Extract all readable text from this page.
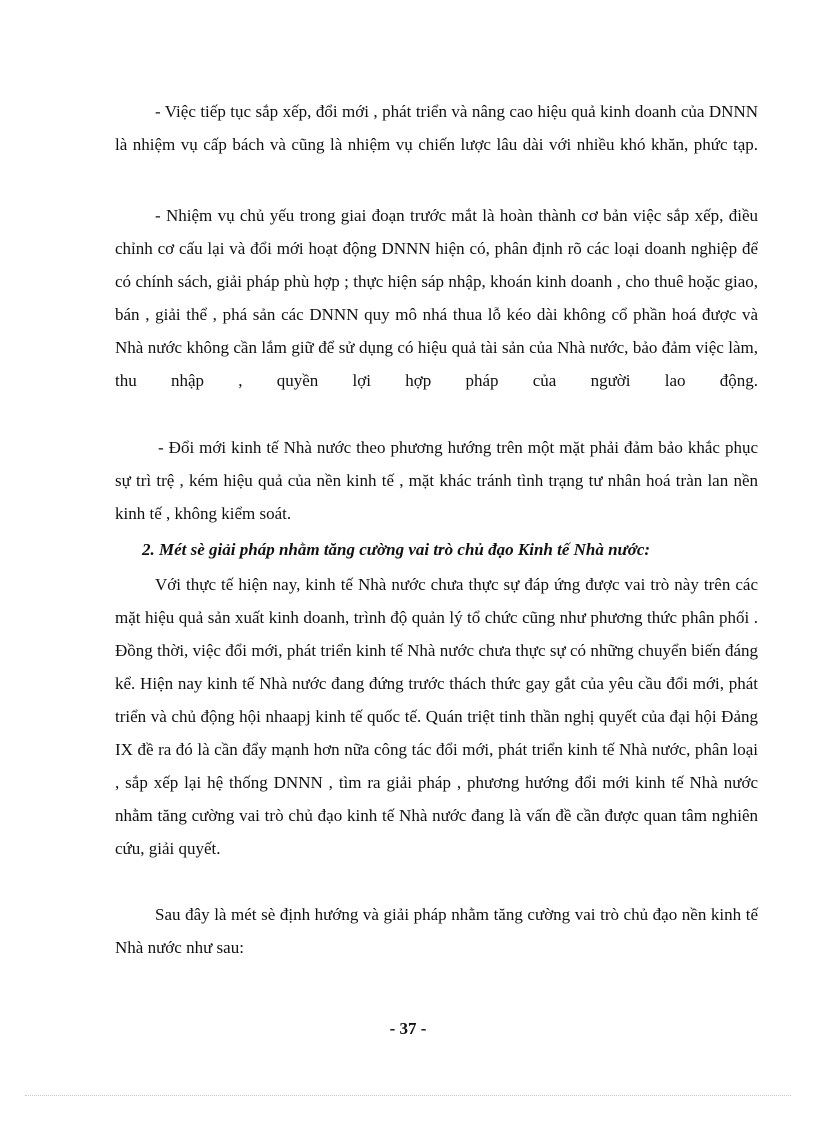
- Việc tiếp tục sắp xếp, đổi mới , phát triển và nâng cao hiệu quả kinh doanh của DNNN là nhiệm vụ cấp bách và cũng là nhiệm vụ chiến lược lâu dài với nhiều khó khăn, phức tạp.

- Nhiệm vụ chủ yếu trong giai đoạn trước mắt là hoàn thành cơ bản việc sắp xếp, điều chỉnh cơ cấu lại và đổi mới hoạt động DNNN hiện có, phân định rõ các loại doanh nghiệp để có chính sách, giải pháp phù hợp ; thực hiện sáp nhập, khoán kinh doanh , cho thuê hoặc giao, bán , giải thể , phá sản các DNNN quy mô nhá thua lỗ kéo dài không cổ phần hoá được và Nhà nước không cần lắm giữ để sử dụng có hiệu quả tài sản của Nhà nước, bảo đảm việc làm, thu nhập , quyền lợi hợp pháp của người lao động.

- Đổi mới kinh tế Nhà nước theo phương hướng trên một mặt phải đảm bảo khắc phục sự trì trệ , kém hiệu quả của nền kinh tế , mặt khác tránh tình trạng tư nhân hoá tràn lan nền kinh tế , không kiểm soát.

2. Mét sè giải pháp nhằm tăng cường vai trò chủ đạo Kinh tế Nhà nước:

Với thực tế hiện nay, kinh tế Nhà nước chưa thực sự đáp ứng được vai trò này trên các mặt hiệu quả sản xuất kinh doanh, trình độ quản lý tổ chức cũng như phương thức phân phối . Đồng thời, việc đổi mới, phát triển kinh tế Nhà nước chưa thực sự có những chuyển biến đáng kể. Hiện nay kinh tế Nhà nước đang đứng trước thách thức gay gắt của yêu cầu đổi mới, phát triển và chủ động hội nhaapj kinh tế quốc tế. Quán triệt tinh thần nghị quyết của đại hội Đảng IX đề ra đó là cần đẩy mạnh hơn nữa công tác đổi mới, phát triển kinh tế Nhà nước, phân loại , sắp xếp lại hệ thống DNNN , tìm ra giải pháp , phương hướng đổi mới kinh tế Nhà nước nhằm tăng cường vai trò chủ đạo kinh tế Nhà nước đang là vấn đề cần được quan tâm nghiên cứu, giải quyết.

Sau đây là mét sè định hướng và giải pháp nhằm tăng cường vai trò chủ đạo nền kinh tế Nhà nước như sau:

- 37 -
